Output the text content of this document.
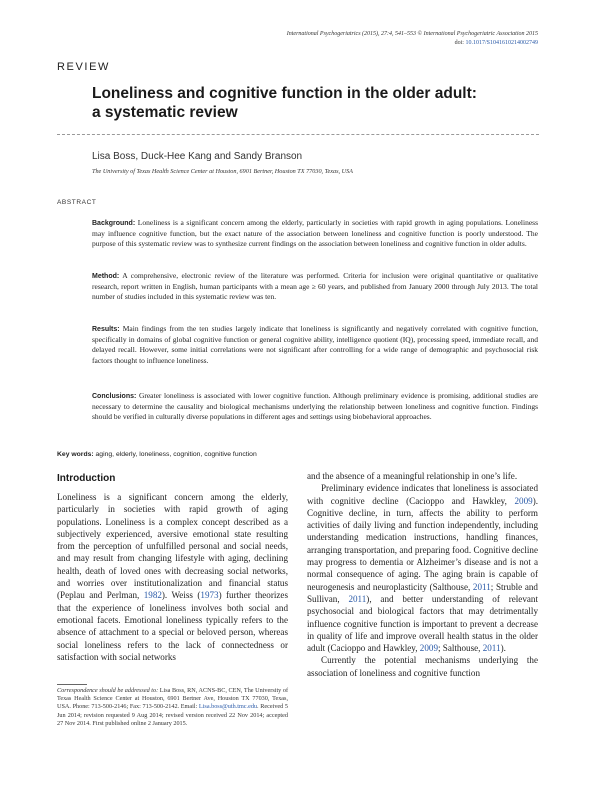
International Psychogeriatrics (2015), 27:4, 541–553 © International Psychogeriatric Association 2015
doi: 10.1017/S1041610214002749
REVIEW
Loneliness and cognitive function in the older adult:
a systematic review
Lisa Boss, Duck-Hee Kang and Sandy Branson
The University of Texas Health Science Center at Houston, 6901 Bertner, Houston TX 77030, Texas, USA
ABSTRACT

Background: Loneliness is a significant concern among the elderly, particularly in societies with rapid growth in aging populations. Loneliness may influence cognitive function, but the exact nature of the association between loneliness and cognitive function is poorly understood. The purpose of this systematic review was to synthesize current findings on the association between loneliness and cognitive function in older adults.

Method: A comprehensive, electronic review of the literature was performed. Criteria for inclusion were original quantitative or qualitative research, report written in English, human participants with a mean age ≥ 60 years, and published from January 2000 through July 2013. The total number of studies included in this systematic review was ten.

Results: Main findings from the ten studies largely indicate that loneliness is significantly and negatively correlated with cognitive function, specifically in domains of global cognitive function or general cognitive ability, intelligence quotient (IQ), processing speed, immediate recall, and delayed recall. However, some initial correlations were not significant after controlling for a wide range of demographic and psychosocial risk factors thought to influence loneliness.

Conclusions: Greater loneliness is associated with lower cognitive function. Although preliminary evidence is promising, additional studies are necessary to determine the causality and biological mechanisms underlying the relationship between loneliness and cognitive function. Findings should be verified in culturally diverse populations in different ages and settings using biobehavioral approaches.

Key words: aging, elderly, loneliness, cognition, cognitive function
Introduction

Loneliness is a significant concern among the elderly, particularly in societies with rapid growth of aging populations. Loneliness is a complex concept described as a subjectively experienced, aversive emotional state resulting from the perception of unfulfilled personal and social needs, and may result from changing lifestyle with aging, declining health, death of loved ones with decreasing social networks, and worries over institutionalization and financial status (Peplau and Perlman, 1982). Weiss (1973) further theorizes that the experience of loneliness involves both social and emotional facets. Emotional loneliness typically refers to the absence of attachment to a special or beloved person, whereas social loneliness refers to the lack of connectedness or satisfaction with social networks

Correspondence should be addressed to: Lisa Boss, RN, ACNS-BC, CEN, The University of Texas Health Science Center at Houston, 6901 Bertner Ave, Houston TX 77030, Texas, USA. Phone: 713-500-2146; Fax: 713-500-2142. Email: Lisa.boss@uth.tmc.edu. Received 5 Jun 2014; revision requested 9 Aug 2014; revised version received 22 Nov 2014; accepted 27 Nov 2014. First published online 2 January 2015.

and the absence of a meaningful relationship in one’s life.

Preliminary evidence indicates that loneliness is associated with cognitive decline (Cacioppo and Hawkley, 2009). Cognitive decline, in turn, affects the ability to perform activities of daily living and function independently, including understanding medication instructions, handling finances, arranging transportation, and preparing food. Cognitive decline may progress to dementia or Alzheimer’s disease and is not a normal consequence of aging. The aging brain is capable of neurogenesis and neuroplasticity (Salthouse, 2011; Struble and Sullivan, 2011), and better understanding of relevant psychosocial and biological factors that may detrimentally influence cognitive function is important to prevent a decrease in quality of life and improve overall health status in the older adult (Cacioppo and Hawkley, 2009; Salthouse, 2011).

Currently the potential mechanisms underlying the association of loneliness and cognitive function
